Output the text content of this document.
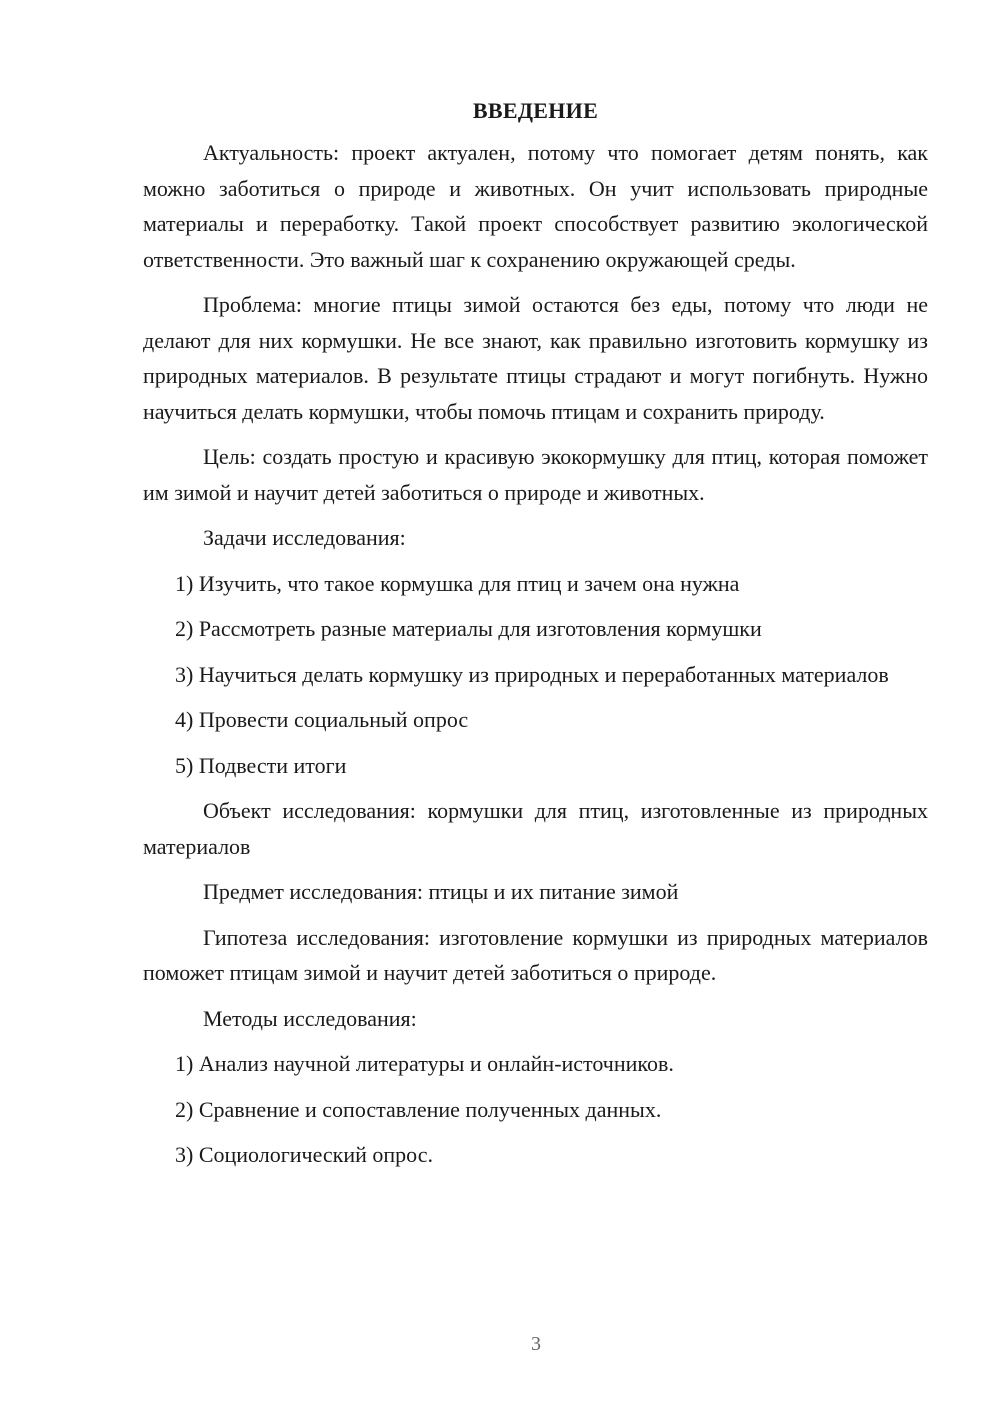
ВВЕДЕНИЕ

Актуальность: проект актуален, потому что помогает детям понять, как можно заботиться о природе и животных. Он учит использовать природные материалы и переработку. Такой проект способствует развитию экологической ответственности. Это важный шаг к сохранению окружающей среды.

Проблема: многие птицы зимой остаются без еды, потому что люди не делают для них кормушки. Не все знают, как правильно изготовить кормушку из природных материалов. В результате птицы страдают и могут погибнуть. Нужно научиться делать кормушки, чтобы помочь птицам и сохранить природу.

Цель: создать простую и красивую экокормушку для птиц, которая поможет им зимой и научит детей заботиться о природе и животных.

Задачи исследования:

1) Изучить, что такое кормушка для птиц и зачем она нужна

2) Рассмотреть разные материалы для изготовления кормушки

3) Научиться делать кормушку из природных и переработанных материалов

4) Провести социальный опрос

5) Подвести итоги

Объект исследования: кормушки для птиц, изготовленные из природных материалов

Предмет исследования: птицы и их питание зимой

Гипотеза исследования: изготовление кормушки из природных материалов поможет птицам зимой и научит детей заботиться о природе.

Методы исследования:

1) Анализ научной литературы и онлайн-источников.

2) Сравнение и сопоставление полученных данных.

3) Социологический опрос.

3
